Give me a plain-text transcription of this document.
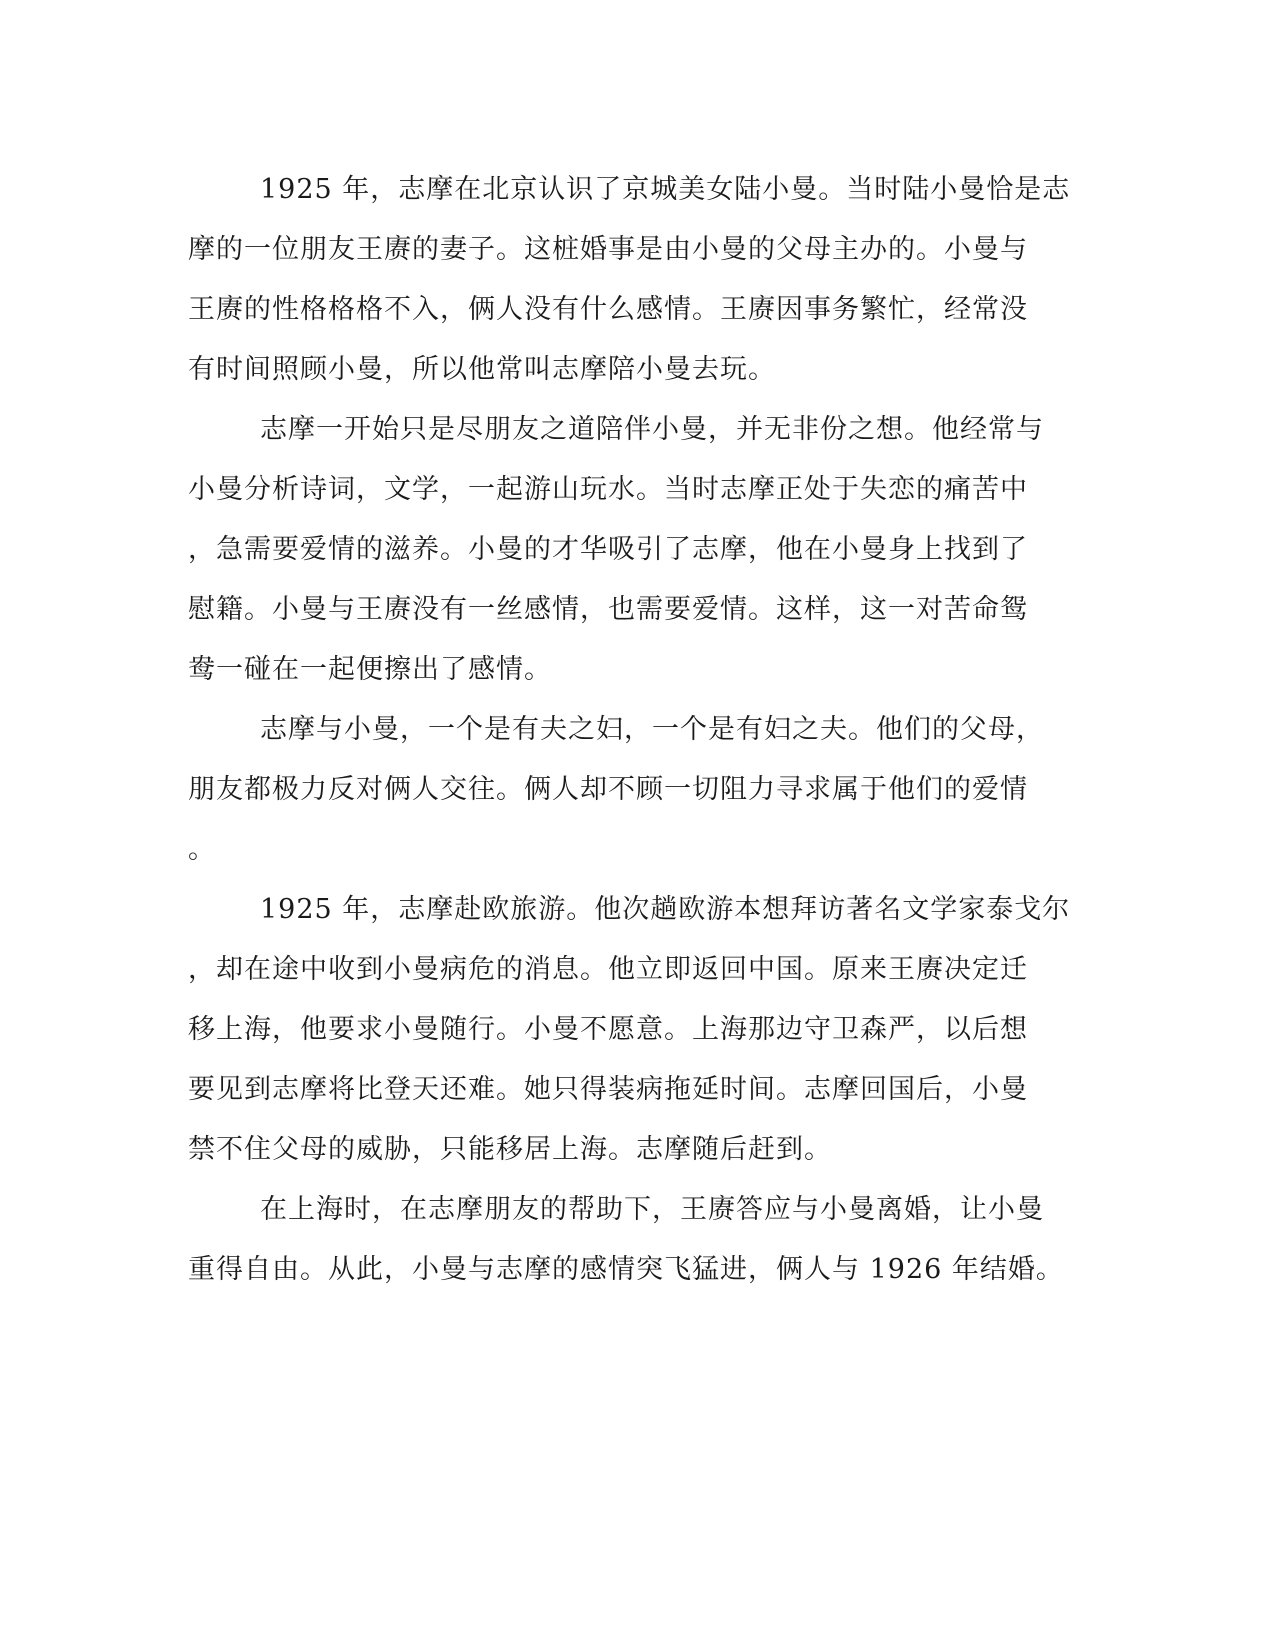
1925 年，志摩在北京认识了京城美女陆小曼。当时陆小曼恰是志
摩的一位朋友王赓的妻子。这桩婚事是由小曼的父母主办的。小曼与
王赓的性格格格不入，俩人没有什么感情。王赓因事务繁忙，经常没
有时间照顾小曼，所以他常叫志摩陪小曼去玩。
志摩一开始只是尽朋友之道陪伴小曼，并无非份之想。他经常与
小曼分析诗词，文学，一起游山玩水。当时志摩正处于失恋的痛苦中
，急需要爱情的滋养。小曼的才华吸引了志摩，他在小曼身上找到了
慰籍。小曼与王赓没有一丝感情，也需要爱情。这样，这一对苦命鸳
鸯一碰在一起便擦出了感情。
志摩与小曼，一个是有夫之妇，一个是有妇之夫。他们的父母，
朋友都极力反对俩人交往。俩人却不顾一切阻力寻求属于他们的爱情
。
1925 年，志摩赴欧旅游。他次趟欧游本想拜访著名文学家泰戈尔
，却在途中收到小曼病危的消息。他立即返回中国。原来王赓决定迁
移上海，他要求小曼随行。小曼不愿意。上海那边守卫森严，以后想
要见到志摩将比登天还难。她只得装病拖延时间。志摩回国后，小曼
禁不住父母的威胁，只能移居上海。志摩随后赶到。
在上海时，在志摩朋友的帮助下，王赓答应与小曼离婚，让小曼
重得自由。从此，小曼与志摩的感情突飞猛进，俩人与 1926 年结婚。
